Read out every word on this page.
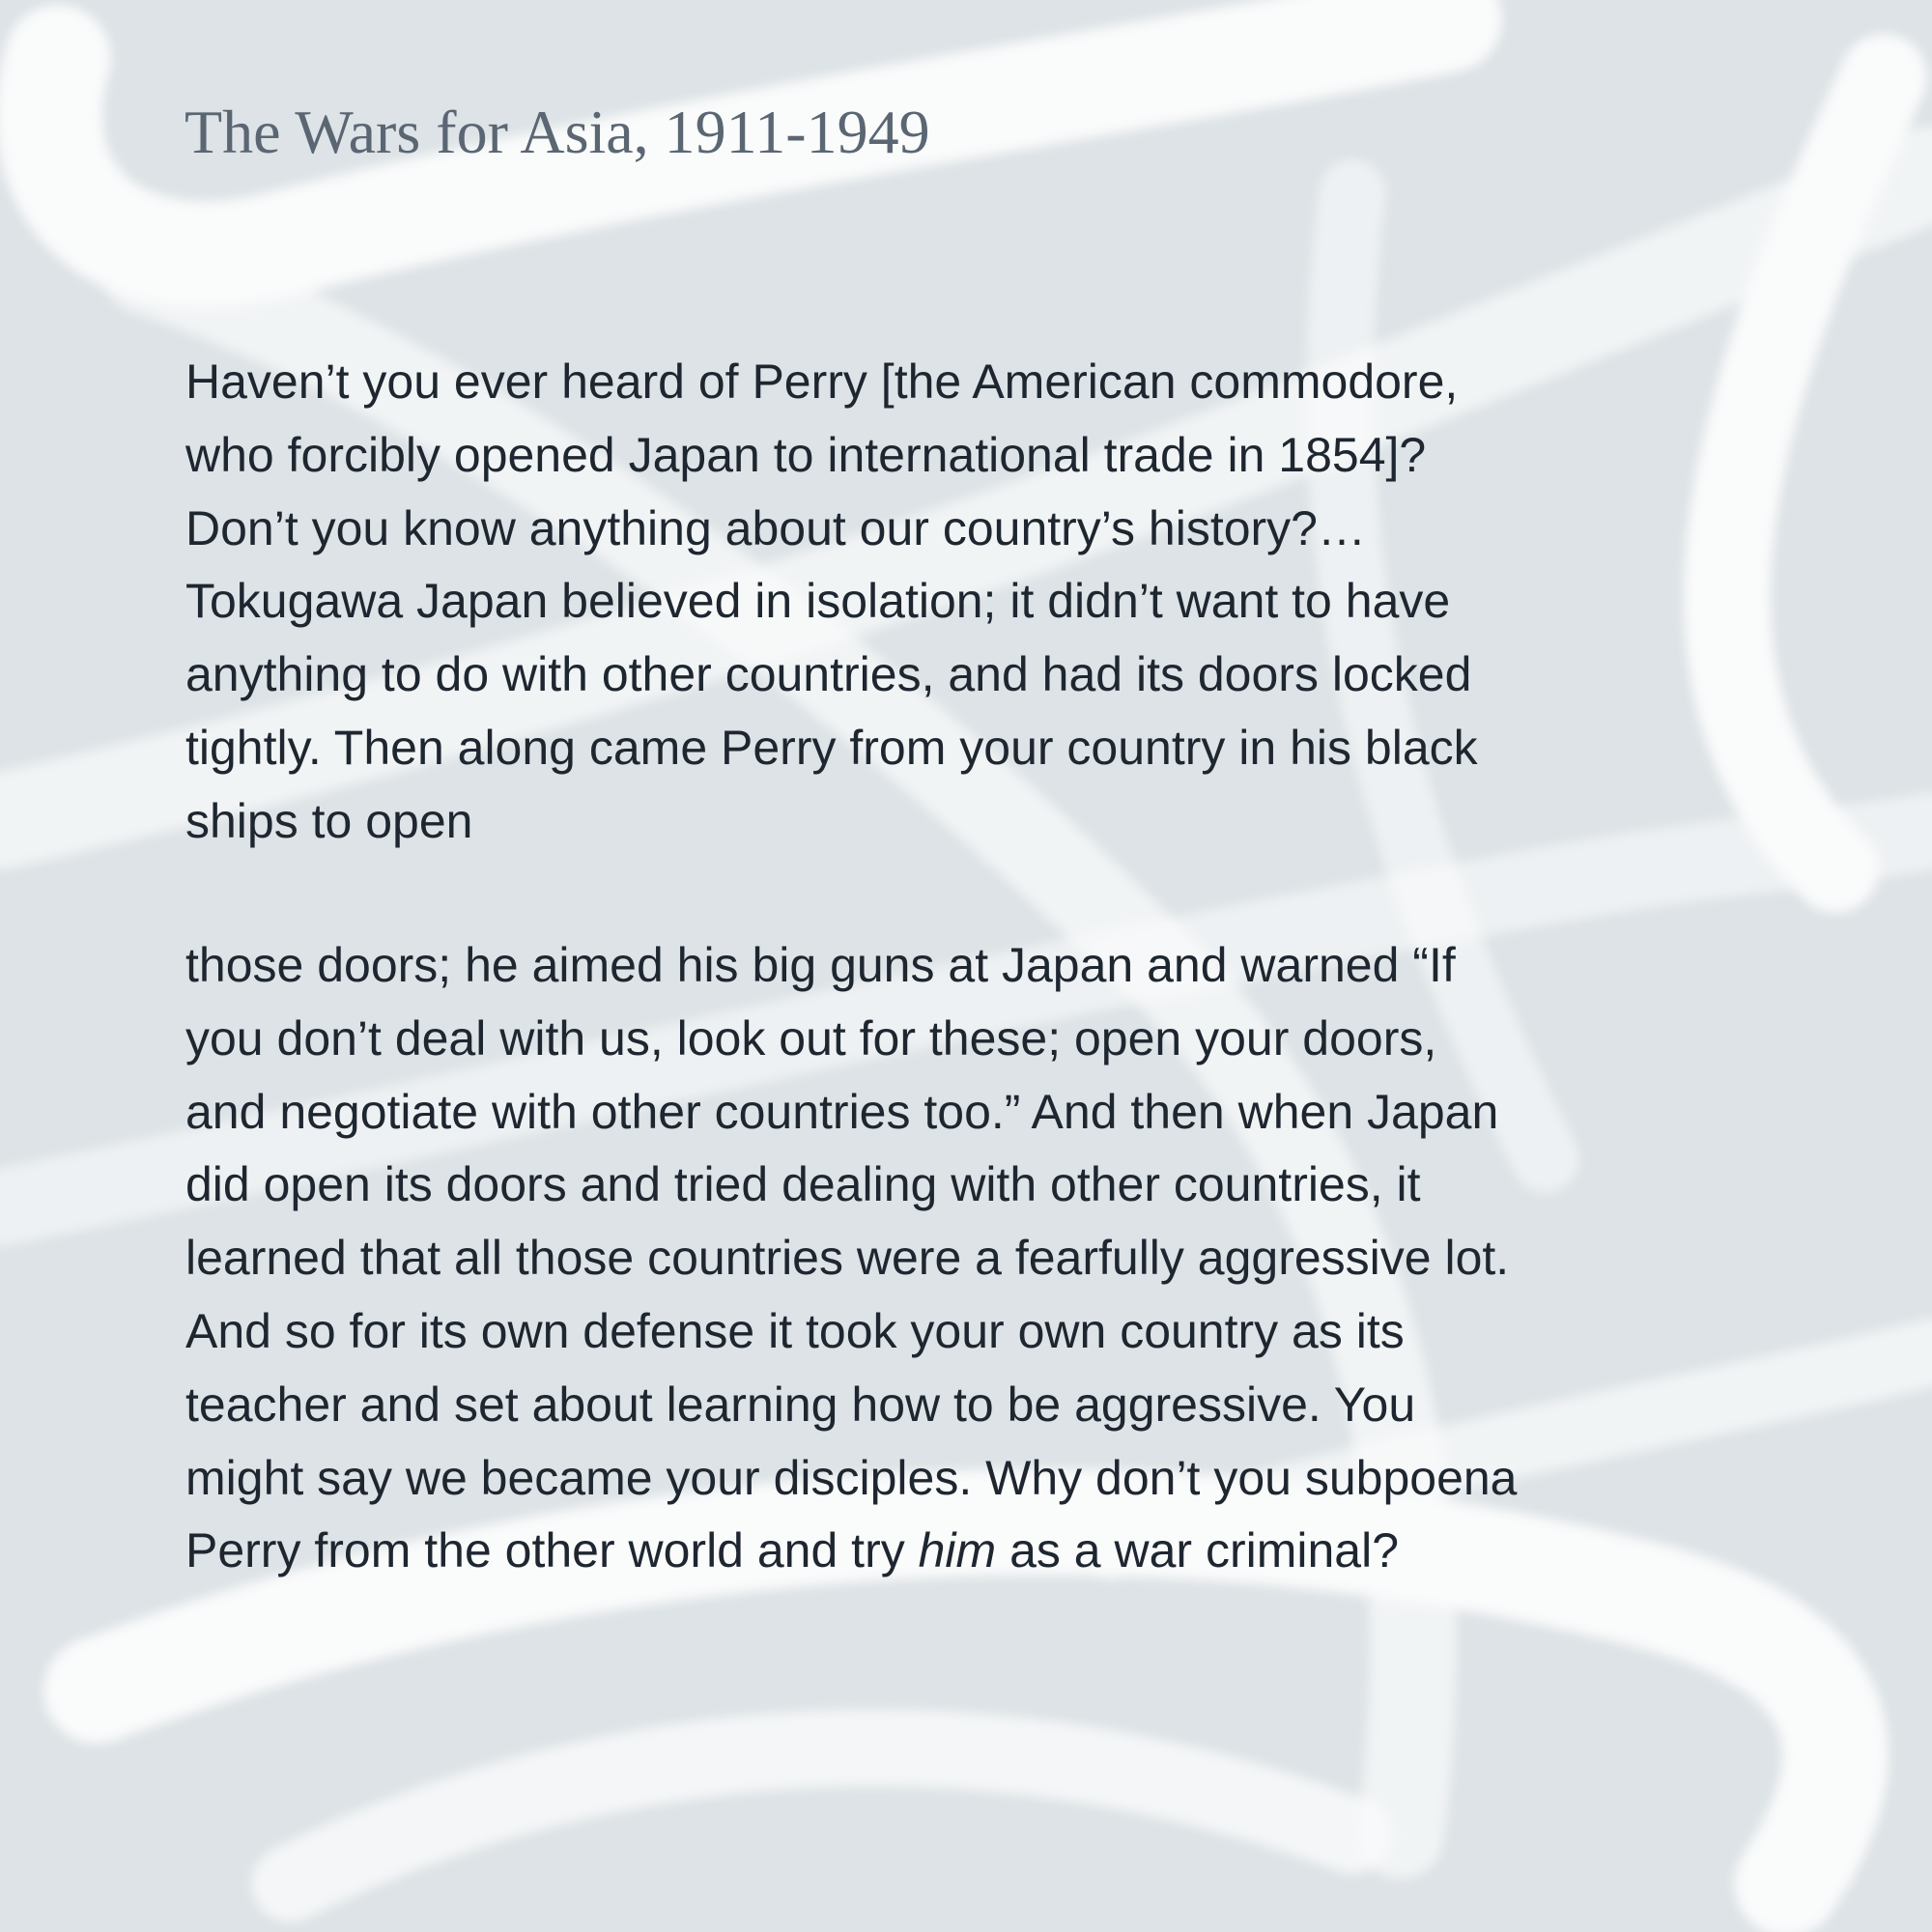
The Wars for Asia, 1911-1949
Haven’t you ever heard of Perry [the American commodore,
who forcibly opened Japan to international trade in 1854]?
Don’t you know anything about our country’s history?…
Tokugawa Japan believed in isolation; it didn’t want to have
anything to do with other countries, and had its doors locked
tightly. Then along came Perry from your country in his black
ships to open
those doors; he aimed his big guns at Japan and warned “If
you don’t deal with us, look out for these; open your doors,
and negotiate with other countries too.” And then when Japan
did open its doors and tried dealing with other countries, it
learned that all those countries were a fearfully aggressive lot.
And so for its own defense it took your own country as its
teacher and set about learning how to be aggressive. You
might say we became your disciples. Why don’t you subpoena
Perry from the other world and try him as a war criminal?
